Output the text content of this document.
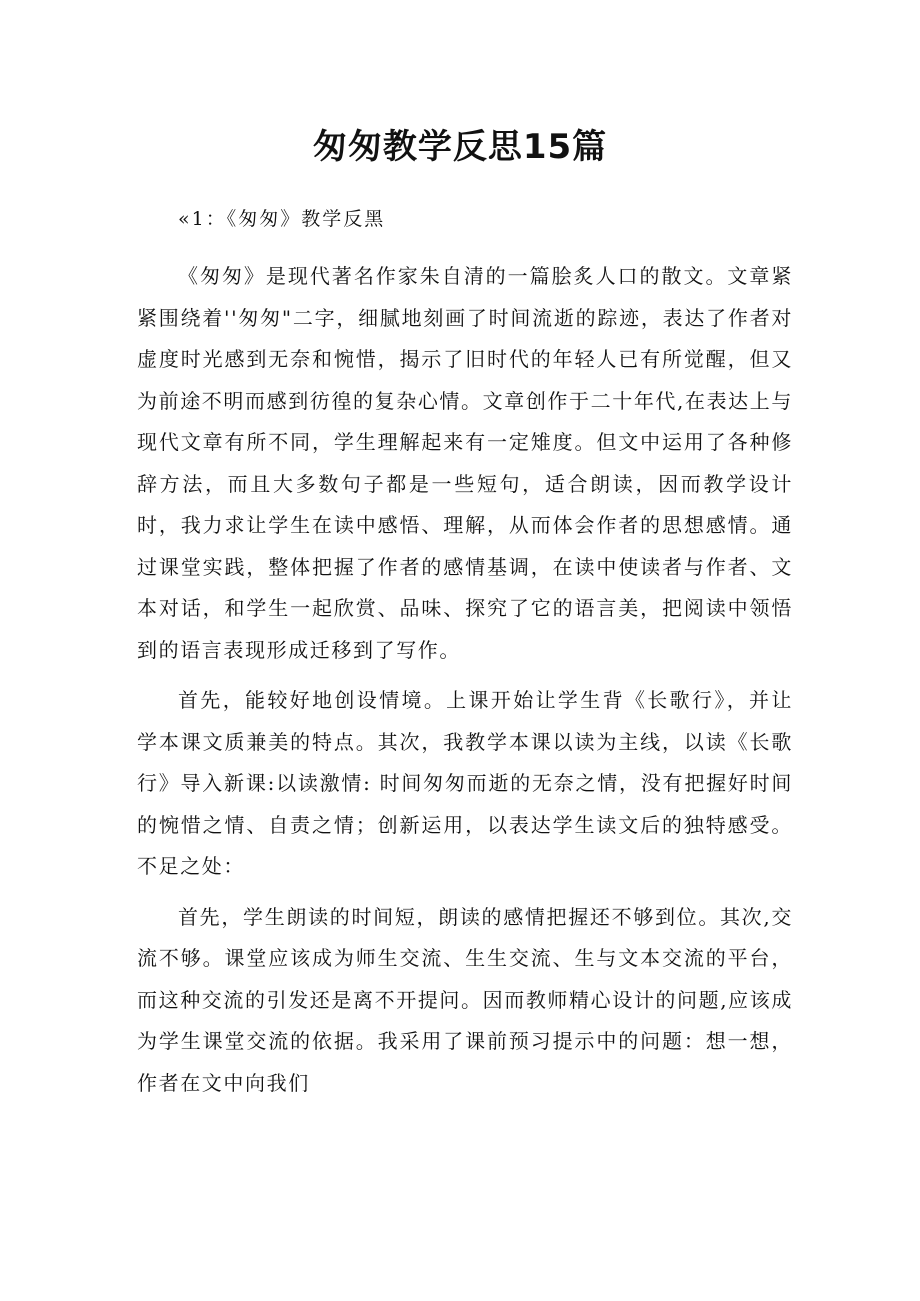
匆匆教学反思15篇
«1：《匆匆》教学反黑

《匆匆》是现代著名作家朱自清的一篇脍炙人口的散文。文章紧紧围绕着''匆匆"二字，细腻地刻画了时间流逝的踪迹，表达了作者对虚度时光感到无奈和惋惜，揭示了旧时代的年轻人已有所觉醒，但又为前途不明而感到彷徨的复杂心情。文章创作于二十年代,在表达上与现代文章有所不同，学生理解起来有一定雉度。但文中运用了各种修辞方法，而且大多数句子都是一些短句，适合朗读，因而教学设计时，我力求让学生在读中感悟、理解，从而体会作者的思想感情。通过课堂实践，整体把握了作者的感情基调，在读中使读者与作者、文本对话，和学生一起欣赏、品味、探究了它的语言美，把阅读中领悟到的语言表现形成迁移到了写作。

首先，能较好地创设情境。上课开始让学生背《长歌行》，并让学本课文质兼美的特点。其次，我教学本课以读为主线，以读《长歌行》导入新课:以读激情: 时间匆匆而逝的无奈之情，没有把握好时间的惋惜之情、自责之情；创新运用，以表达学生读文后的独特感受。不足之处：

首先，学生朗读的时间短，朗读的感情把握还不够到位。其次,交流不够。课堂应该成为师生交流、生生交流、生与文本交流的平台，而这种交流的引发还是离不开提问。因而教师精心设计的问题,应该成为学生课堂交流的依据。我采用了课前预习提示中的问题：想一想，作者在文中向我们
